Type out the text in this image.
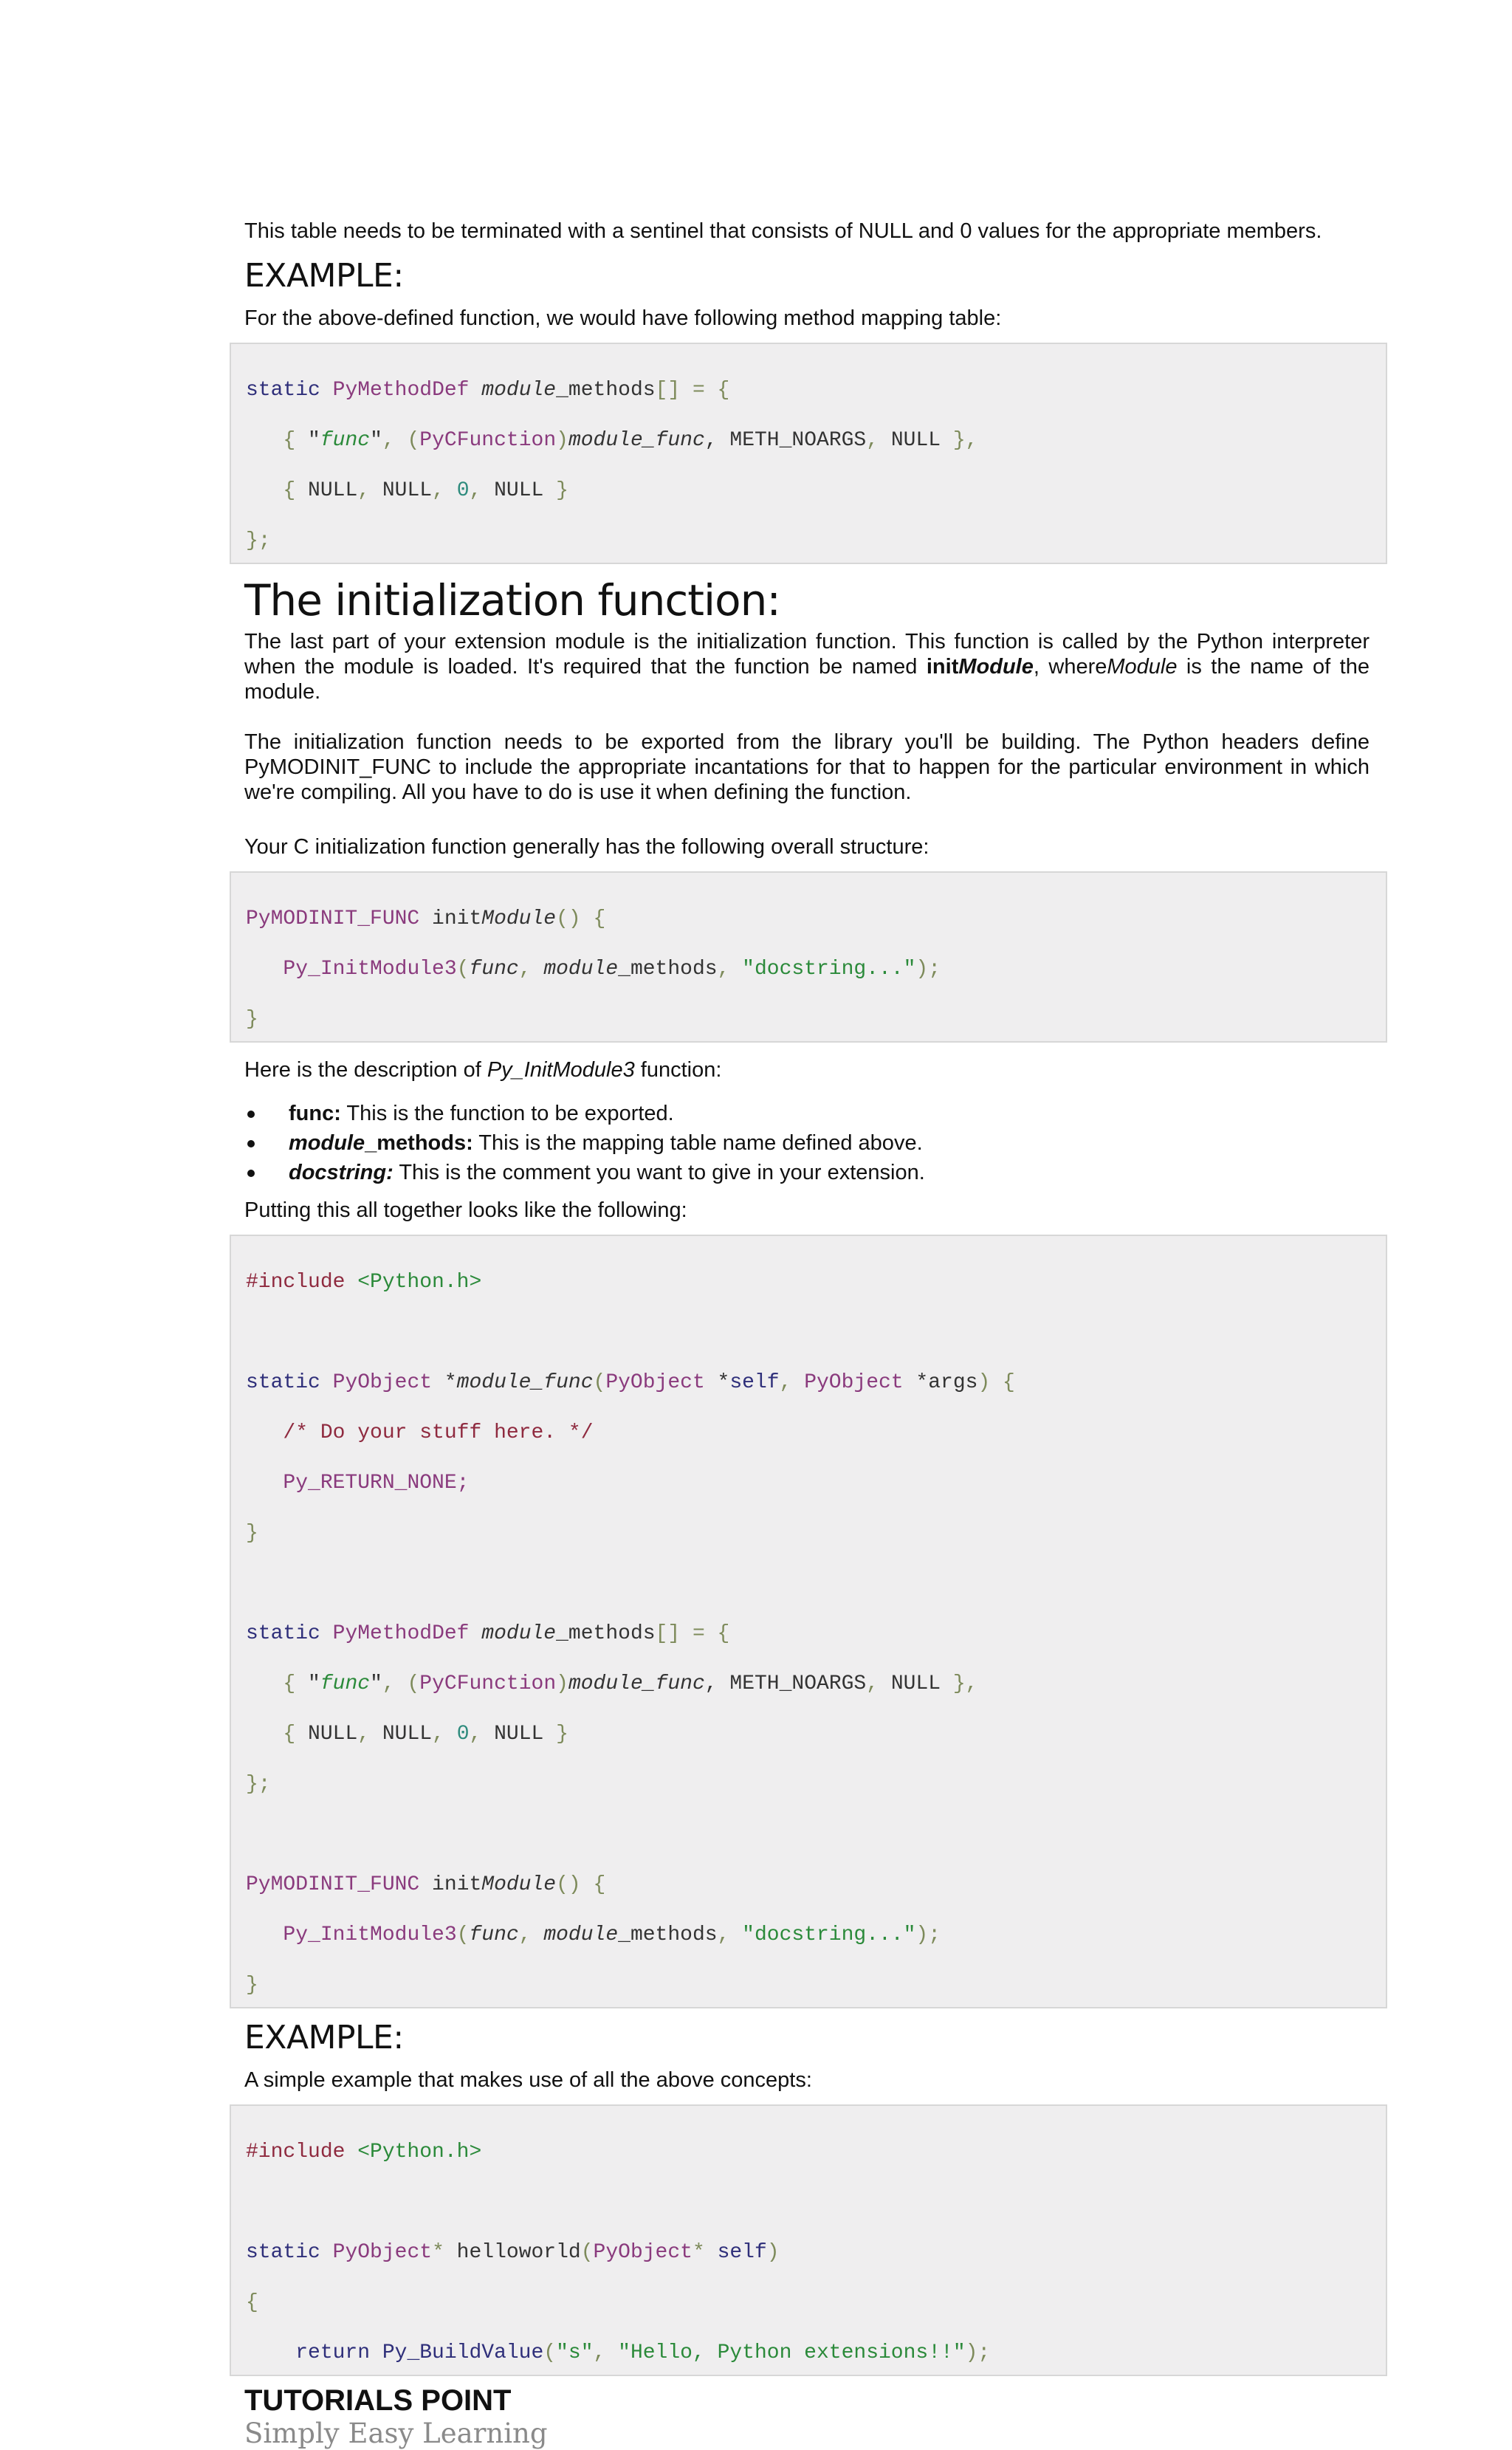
This table needs to be terminated with a sentinel that consists of NULL and 0 values for the appropriate members.

EXAMPLE:

For the above-defined function, we would have following method mapping table:

static PyMethodDef module_methods[] = {

{ "func", (PyCFunction)module_func, METH_NOARGS, NULL },

{ NULL, NULL, 0, NULL }

};
The initialization function:

The last part of your extension module is the initialization function. This function is called by the Python interpreter when the module is loaded. It's required that the function be named initModule, whereModule is the name of the module.

The initialization function needs to be exported from the library you'll be building. The Python headers define PyMODINIT_FUNC to include the appropriate incantations for that to happen for the particular environment in which we're compiling. All you have to do is use it when defining the function.

Your C initialization function generally has the following overall structure:

PyMODINIT_FUNC initModule() {

Py_InitModule3(func, module_methods, "docstring...");

}

Here is the description of Py_InitModule3 function:

func: This is the function to be exported.
module_methods: This is the mapping table name defined above.
docstring: This is the comment you want to give in your extension.

Putting this all together looks like the following:

#include <Python.h>

static PyObject *module_func(PyObject *self, PyObject *args) {

/* Do your stuff here. */

Py_RETURN_NONE;

}

static PyMethodDef module_methods[] = {

{ "func", (PyCFunction)module_func, METH_NOARGS, NULL },

{ NULL, NULL, 0, NULL }

};

PyMODINIT_FUNC initModule() {

Py_InitModule3(func, module_methods, "docstring...");

}
EXAMPLE:

A simple example that makes use of all the above concepts:

#include <Python.h>

static PyObject* helloworld(PyObject* self)

{

return Py_BuildValue("s", "Hello, Python extensions!!");

TUTORIALS POINT

Simply Easy Learning
